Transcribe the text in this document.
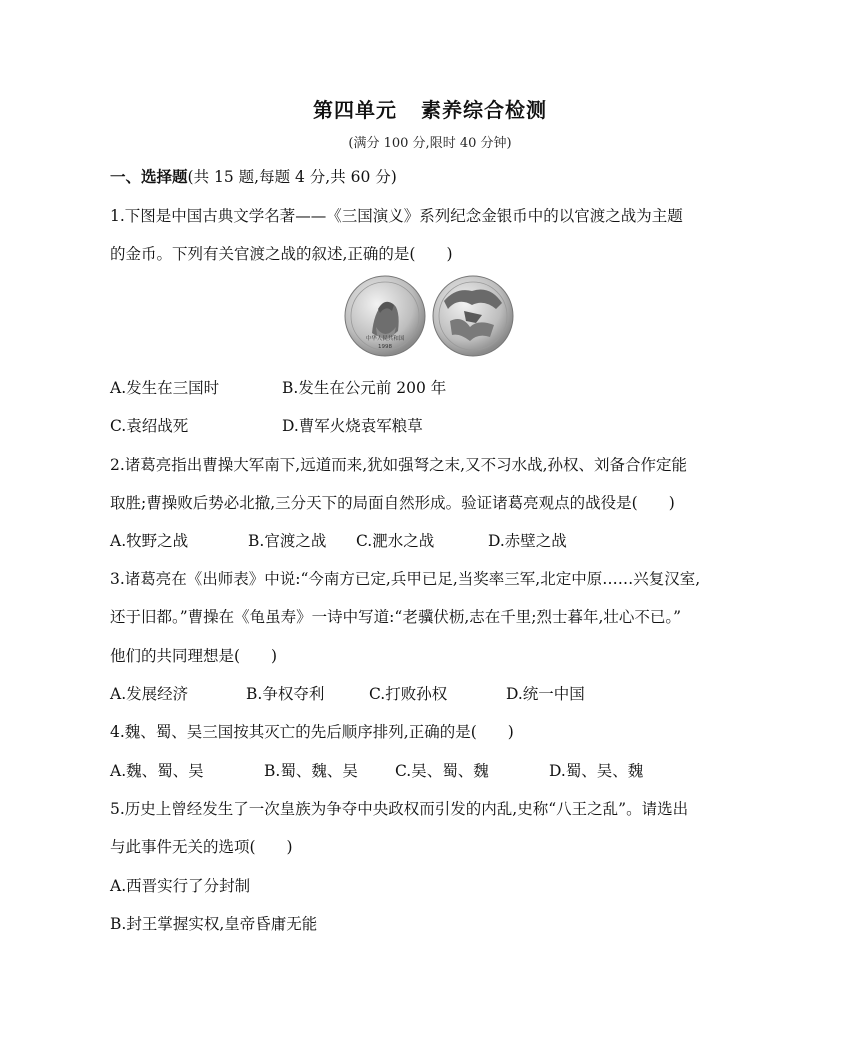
第四单元 素养综合检测
(满分 100 分,限时 40 分钟)
一、选择题(共 15 题,每题 4 分,共 60 分)
1.下图是中国古典文学名著——《三国演义》系列纪念金银币中的以官渡之战为主题
的金币。下列有关官渡之战的叙述,正确的是(　　)
中华人民共和国
1998
A.发生在三国时	B.发生在公元前 200 年
C.袁绍战死	D.曹军火烧袁军粮草
2.诸葛亮指出曹操大军南下,远道而来,犹如强弩之末,又不习水战,孙权、刘备合作定能
取胜;曹操败后势必北撤,三分天下的局面自然形成。验证诸葛亮观点的战役是(　　)
A.牧野之战	B.官渡之战 C.淝水之战	D.赤壁之战
3.诸葛亮在《出师表》中说:“今南方已定,兵甲已足,当奖率三军,北定中原……兴复汉室,
还于旧都。”曹操在《龟虽寿》一诗中写道:“老骥伏枥,志在千里;烈士暮年,壮心不已。”
他们的共同理想是(　　)
A.发展经济	B.争权夺利	C.打败孙权	D.统一中国
4.魏、蜀、吴三国按其灭亡的先后顺序排列,正确的是(　　)
A.魏、蜀、吴	B.蜀、魏、吴 C.吴、蜀、魏	D.蜀、吴、魏
5.历史上曾经发生了一次皇族为争夺中央政权而引发的内乱,史称“八王之乱”。请选出
与此事件无关的选项(　　)
A.西晋实行了分封制
B.封王掌握实权,皇帝昏庸无能
